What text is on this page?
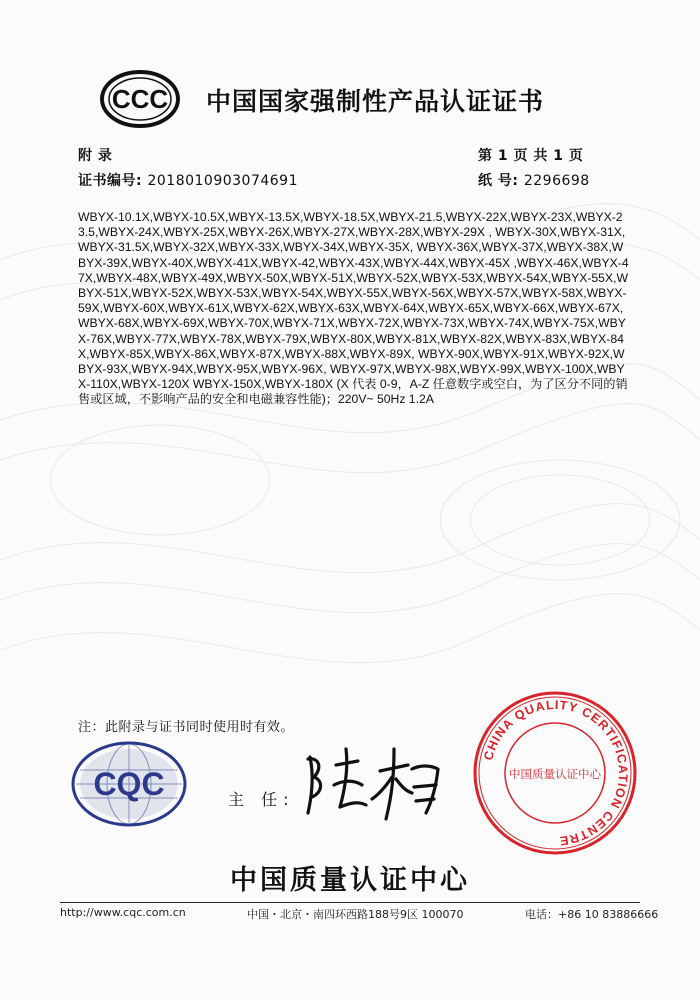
CCC 中国国家强制性产品认证证书
附 录	第 1 页 共 1 页
证书编号: 2018010903074691	纸 号: 2296698
WBYX-10.1X,WBYX-10.5X,WBYX-13.5X,WBYX-18.5X,WBYX-21.5,WBYX-22X,WBYX-23X,WBYX-23.5,WBYX-24X,WBYX-25X,WBYX-26X,WBYX-27X,WBYX-28X,WBYX-29X , WBYX-30X,WBYX-31X,WBYX-31.5X,WBYX-32X,WBYX-33X,WBYX-34X,WBYX-35X, WBYX-36X,WBYX-37X,WBYX-38X,WBYX-39X,WBYX-40X,WBYX-41X,WBYX-42,WBYX-43X,WBYX-44X,WBYX-45X ,WBYX-46X,WBYX-47X,WBYX-48X,WBYX-49X,WBYX-50X,WBYX-51X,WBYX-52X,WBYX-53X,WBYX-54X,WBYX-55X,WBYX-51X,WBYX-52X,WBYX-53X,WBYX-54X,WBYX-55X,WBYX-56X,WBYX-57X,WBYX-58X,WBYX-59X,WBYX-60X,WBYX-61X,WBYX-62X,WBYX-63X,WBYX-64X,WBYX-65X,WBYX-66X,WBYX-67X,WBYX-68X,WBYX-69X,WBYX-70X,WBYX-71X,WBYX-72X,WBYX-73X,WBYX-74X,WBYX-75X,WBYX-76X,WBYX-77X,WBYX-78X,WBYX-79X,WBYX-80X,WBYX-81X,WBYX-82X,WBYX-83X,WBYX-84X,WBYX-85X,WBYX-86X,WBYX-87X,WBYX-88X,WBYX-89X, WBYX-90X,WBYX-91X,WBYX-92X,WBYX-93X,WBYX-94X,WBYX-95X,WBYX-96X, WBYX-97X,WBYX-98X,WBYX-99X,WBYX-100X,WBYX-110X,WBYX-120X WBYX-150X,WBYX-180X (X 代表 0-9，A-Z 任意数字或空白，为了区分不同的销售或区域，不影响产品的安全和电磁兼容性能)；220V~ 50Hz 1.2A
注：此附录与证书同时使用时有效。
CQC	主 任:
CHINA QUALITY CERTIFICATION CENTRE
中国质量认证中心
中国质量认证中心
http://www.cqc.com.cn	中国・北京・南四环西路188号9区 100070	电话：+86 10 83886666
